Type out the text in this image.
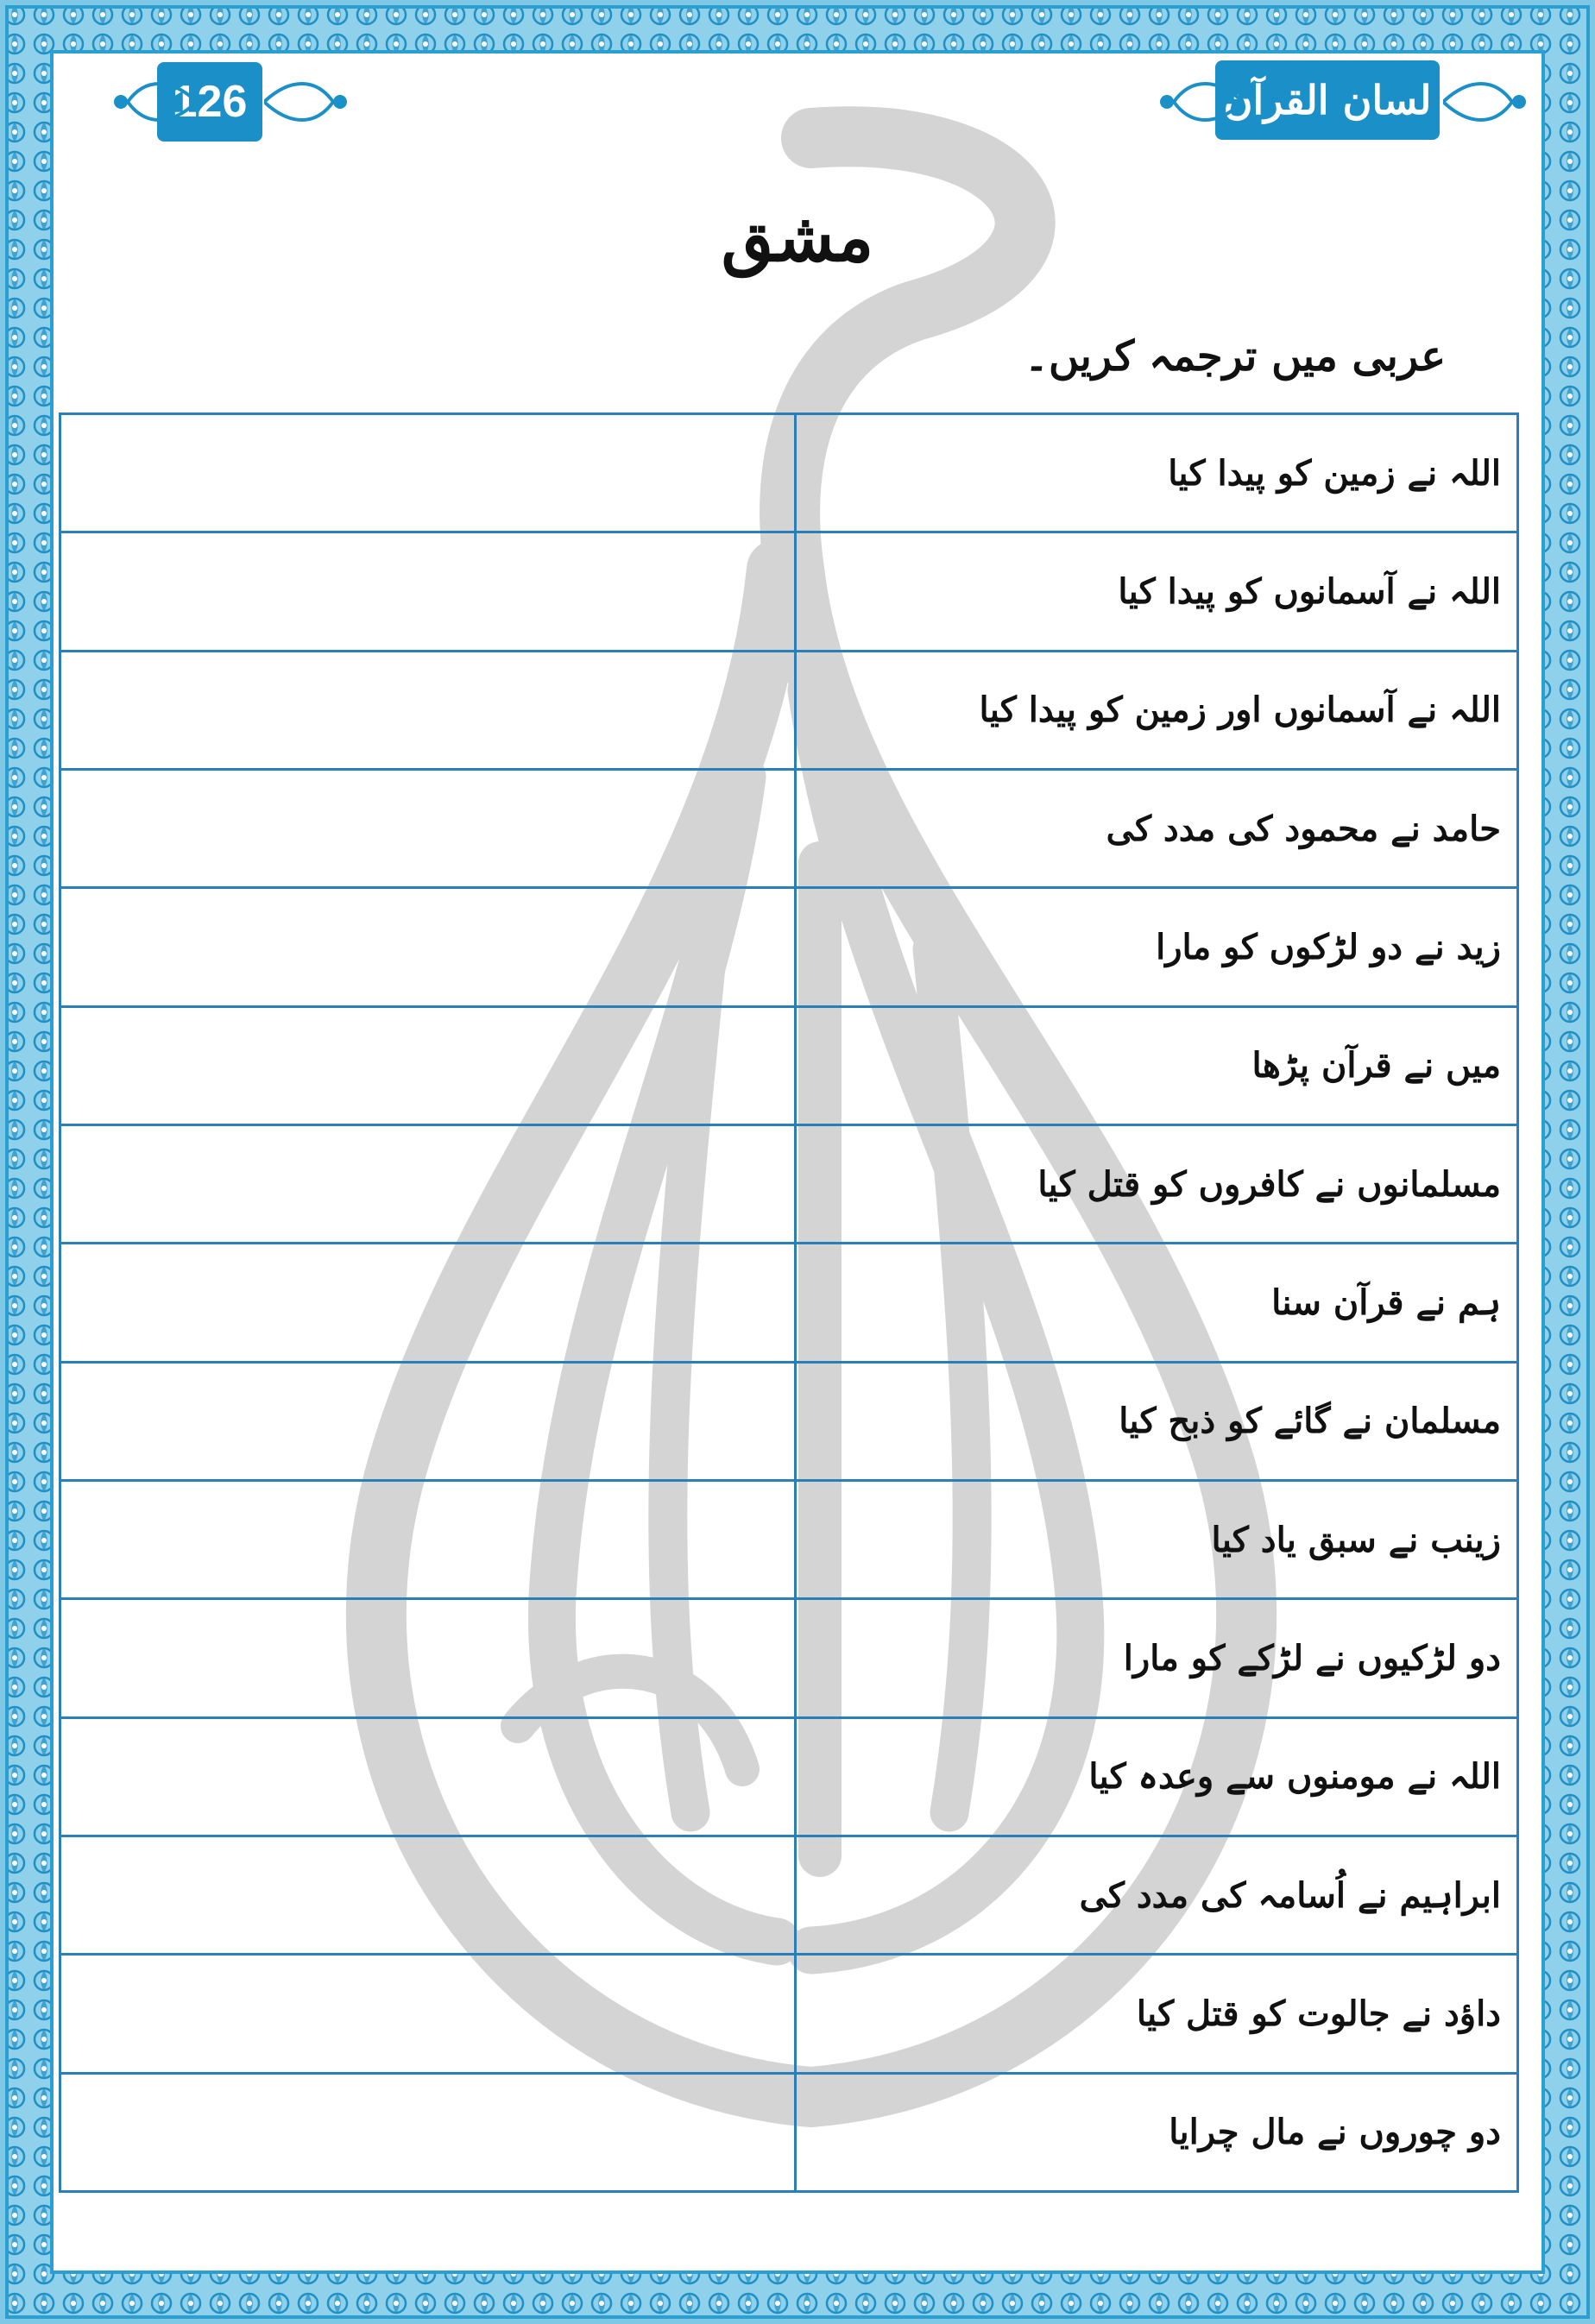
لسان القرآن
126
مشق
عربی میں ترجمہ کریں۔
	اللہ نے زمین کو پیدا کیا
	اللہ نے آسمانوں کو پیدا کیا
	اللہ نے آسمانوں اور زمین کو پیدا کیا
	حامد نے محمود کی مدد کی
	زید نے دو لڑکوں کو مارا
	میں نے قرآن پڑھا
	مسلمانوں نے کافروں کو قتل کیا
	ہم نے قرآن سنا
	مسلمان نے گائے کو ذبح کیا
	زینب نے سبق یاد کیا
	دو لڑکیوں نے لڑکے کو مارا
	اللہ نے مومنوں سے وعدہ کیا
	ابراہیم نے اُسامہ کی مدد کی
	داؤد نے جالوت کو قتل کیا
	دو چوروں نے مال چرایا
